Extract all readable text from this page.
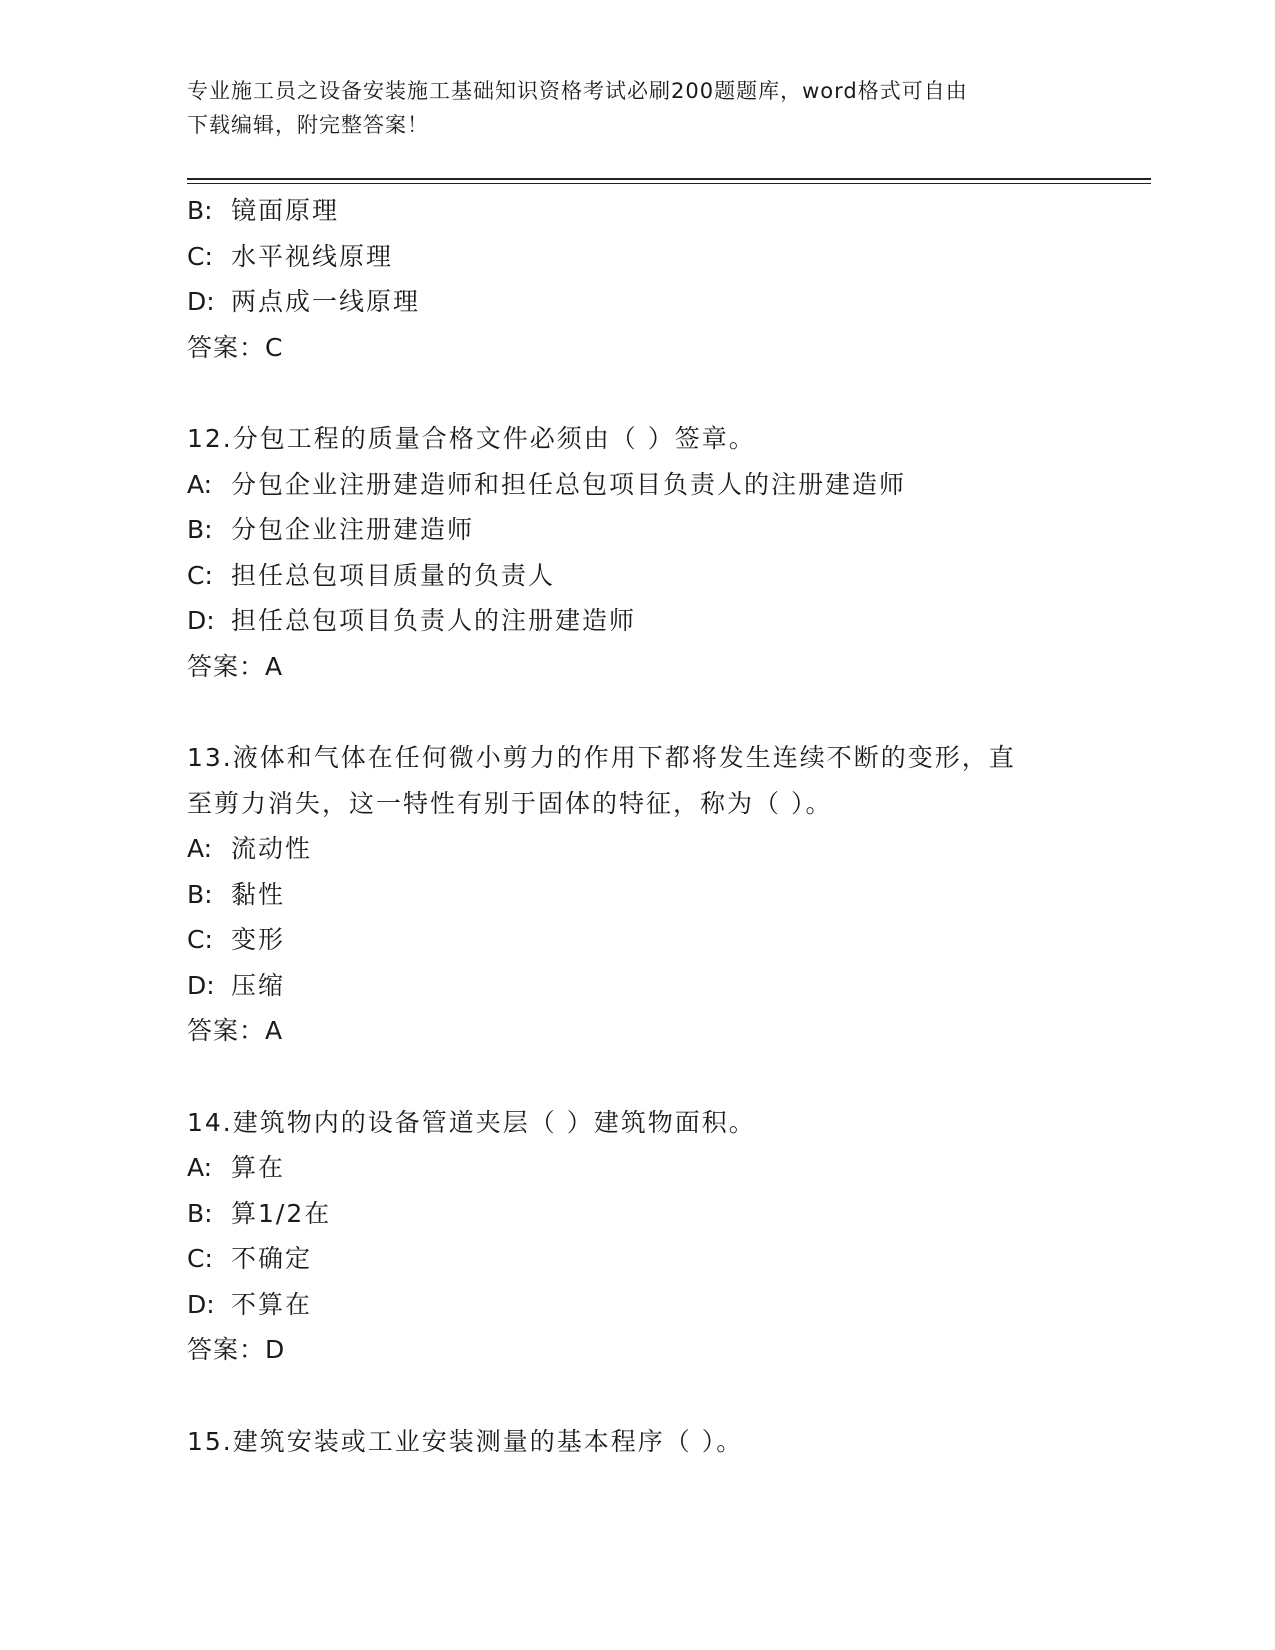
专业施工员之设备安装施工基础知识资格考试必刷200题题库，word格式可自由
下载编辑，附完整答案！
B: 镜面原理
C: 水平视线原理
D: 两点成一线原理
答案：C
12.分包工程的质量合格文件必须由（ ）签章。
A: 分包企业注册建造师和担任总包项目负责人的注册建造师
B: 分包企业注册建造师
C: 担任总包项目质量的负责人
D: 担任总包项目负责人的注册建造师
答案：A
13.液体和气体在任何微小剪力的作用下都将发生连续不断的变形，直
至剪力消失，这一特性有别于固体的特征，称为（ ）。
A: 流动性
B: 黏性
C: 变形
D: 压缩
答案：A
14.建筑物内的设备管道夹层（ ）建筑物面积。
A: 算在
B: 算1/2在
C: 不确定
D: 不算在
答案：D
15.建筑安装或工业安装测量的基本程序（ ）。
